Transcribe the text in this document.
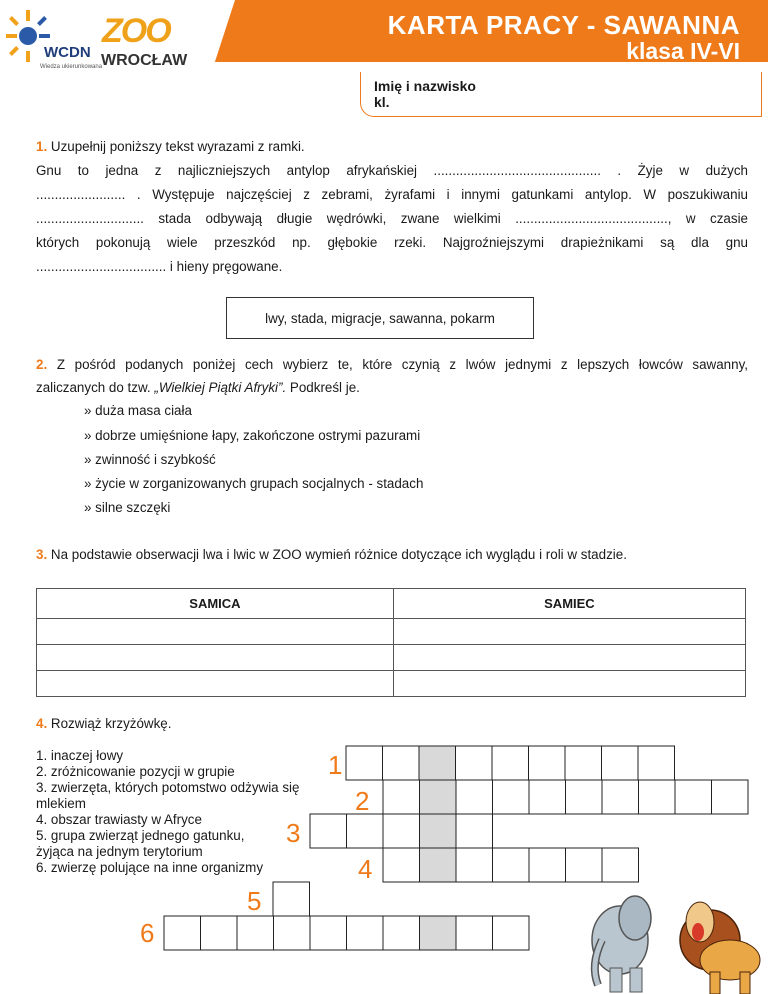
KARTA PRACY - SAWANNA
klasa IV-VI
WCDN
Wiedza ukierunkowana
ZOO
WROCŁAW
Imię i nazwisko
kl.
1. Uzupełnij poniższy tekst wyrazami z ramki.
Gnu to jedna z najliczniejszych antylop afrykańskiej ............................................. . Żyje w dużych
........................ . Występuje najczęściej z zebrami, żyrafami i innymi gatunkami antylop. W poszukiwaniu
............................. stada odbywają długie wędrówki, zwane wielkimi ........................................., w czasie
których pokonują wiele przeszkód np. głębokie rzeki. Najgroźniejszymi drapieżnikami są dla gnu
................................... i hieny pręgowane.
lwy, stada, migracje, sawanna, pokarm
2. Z pośród podanych poniżej cech wybierz te, które czynią z lwów jednymi z lepszych łowców sawanny,
zaliczanych do tzw. „Wielkiej Piątki Afryki”. Podkreśl je.
» duża masa ciała
» dobrze umięśnione łapy, zakończone ostrymi pazurami
» zwinność i szybkość
» życie w zorganizowanych grupach socjalnych - stadach
» silne szczęki
3. Na podstawie obserwacji lwa i lwic w ZOO wymień różnice dotyczące ich wyglądu i roli w stadzie.
SAMICA	SAMIEC

4. Rozwiąż krzyżówkę.
1. inaczej łowy
2. zróżnicowanie pozycji w grupie
3. zwierzęta, których potomstwo odżywia się
mlekiem
4. obszar trawiasty w Afryce
5. grupa zwierząt jednego gatunku,
żyjąca na jednym terytorium
6. zwierzę polujące na inne organizmy
1
2
3
4
5
6
